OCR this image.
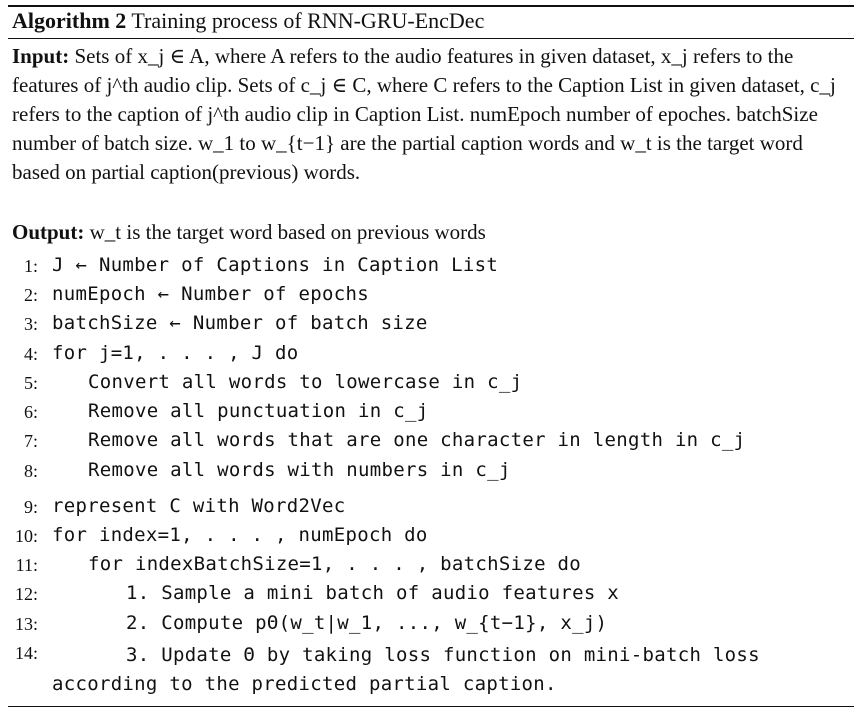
Algorithm 2 Training process of RNN-GRU-EncDec
Input: Sets of x_j ∈ A, where A refers to the audio features in given dataset, x_j refers to the features of j^th audio clip. Sets of c_j ∈ C, where C refers to the Caption List in given dataset, c_j refers to the caption of j^th audio clip in Caption List. numEpoch number of epoches. batchSize number of batch size. w_1 to w_{t−1} are the partial caption words and w_t is the target word based on partial caption(previous) words.
Output: w_t is the target word based on previous words
1: J ← Number of Captions in Caption List
2: numEpoch ← Number of epochs
3: batchSize ← Number of batch size
4: for j=1, . . . , J do
5:	Convert all words to lowercase in c_j
6:	Remove all punctuation in c_j
7:	Remove all words that are one character in length in c_j
8:	Remove all words with numbers in c_j
9: represent C with Word2Vec
10: for index=1, . . . , numEpoch do
11:	for indexBatchSize=1, . . . , batchSize do
12:	1. Sample a mini batch of audio features x
13:	2. Compute pΘ(w_t|w_1, ..., w_{t−1}, x_j)
14:	3. Update Θ by taking loss function on mini-batch loss according to the predicted partial caption.
